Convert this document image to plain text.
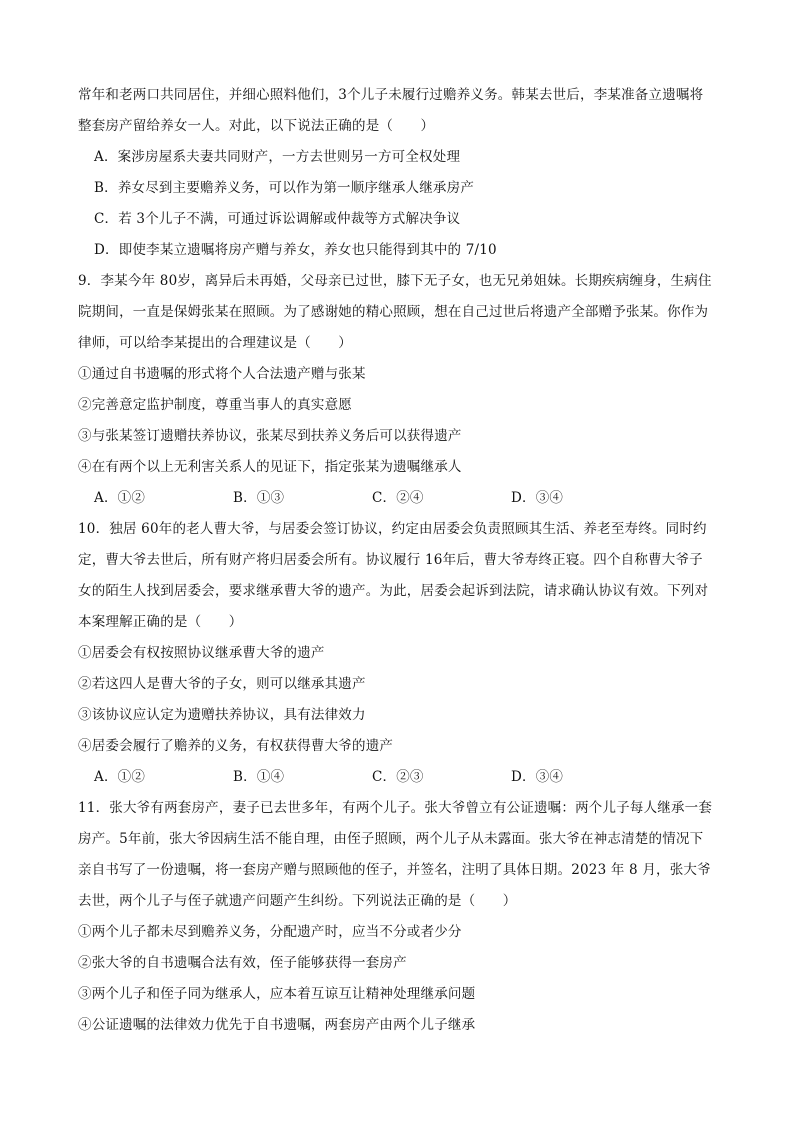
常年和老两口共同居住，并细心照料他们，3个儿子未履行过赡养义务。韩某去世后，李某准备立遗嘱将
整套房产留给养女一人。对此，以下说法正确的是（　　）
A．案涉房屋系夫妻共同财产，一方去世则另一方可全权处理
B．养女尽到主要赡养义务，可以作为第一顺序继承人继承房产
C．若 3个儿子不满，可通过诉讼调解或仲裁等方式解决争议
D．即使李某立遗嘱将房产赠与养女，养女也只能得到其中的 7/10
9．李某今年 80岁，离异后未再婚，父母亲已过世，膝下无子女，也无兄弟姐妹。长期疾病缠身，生病住
院期间，一直是保姆张某在照顾。为了感谢她的精心照顾，想在自己过世后将遗产全部赠予张某。你作为
律师，可以给李某提出的合理建议是（　　）
①通过自书遗嘱的形式将个人合法遗产赠与张某
②完善意定监护制度，尊重当事人的真实意愿
③与张某签订遗赠扶养协议，张某尽到扶养义务后可以获得遗产
④在有两个以上无利害关系人的见证下，指定张某为遗嘱继承人
A．①②	B．①③	C．②④	D．③④
10．独居 60年的老人曹大爷，与居委会签订协议，约定由居委会负责照顾其生活、养老至寿终。同时约
定，曹大爷去世后，所有财产将归居委会所有。协议履行 16年后，曹大爷寿终正寝。四个自称曹大爷子
女的陌生人找到居委会，要求继承曹大爷的遗产。为此，居委会起诉到法院，请求确认协议有效。下列对
本案理解正确的是（　　）
①居委会有权按照协议继承曹大爷的遗产
②若这四人是曹大爷的子女，则可以继承其遗产
③该协议应认定为遗赠扶养协议，具有法律效力
④居委会履行了赡养的义务，有权获得曹大爷的遗产
A．①②	B．①④	C．②③	D．③④
11．张大爷有两套房产，妻子已去世多年，有两个儿子。张大爷曾立有公证遗嘱：两个儿子每人继承一套
房产。5年前，张大爷因病生活不能自理，由侄子照顾，两个儿子从未露面。张大爷在神志清楚的情况下
亲自书写了一份遗嘱，将一套房产赠与照顾他的侄子，并签名，注明了具体日期。2023 年 8 月，张大爷
去世，两个儿子与侄子就遗产问题产生纠纷。下列说法正确的是（　　）
①两个儿子都未尽到赡养义务，分配遗产时，应当不分或者少分
②张大爷的自书遗嘱合法有效，侄子能够获得一套房产
③两个儿子和侄子同为继承人，应本着互谅互让精神处理继承问题
④公证遗嘱的法律效力优先于自书遗嘱，两套房产由两个儿子继承
